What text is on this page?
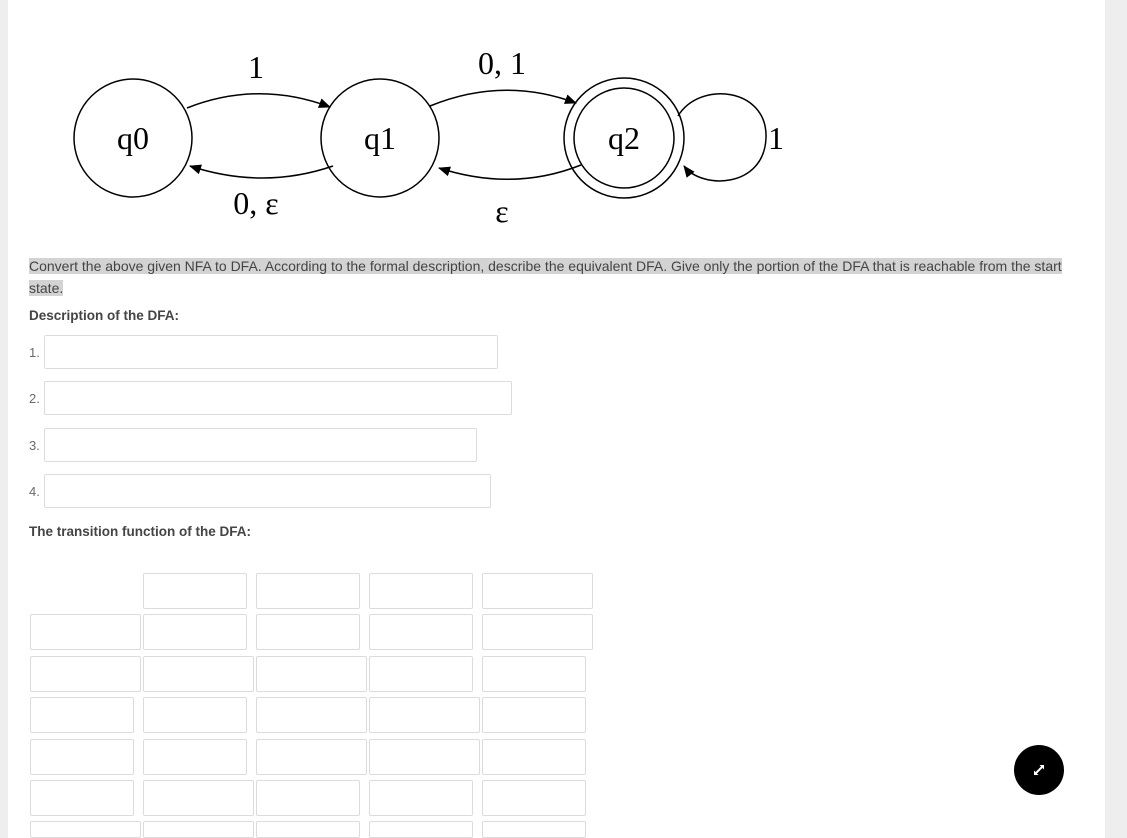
q0	q1	q2
1
0, ε
0, 1
ε
1
Convert the above given NFA to DFA. According to the formal description, describe the equivalent DFA. Give only the portion of the DFA that is reachable from the start state.
Description of the DFA:
1.
2.
3.
4.
The transition function of the DFA:
